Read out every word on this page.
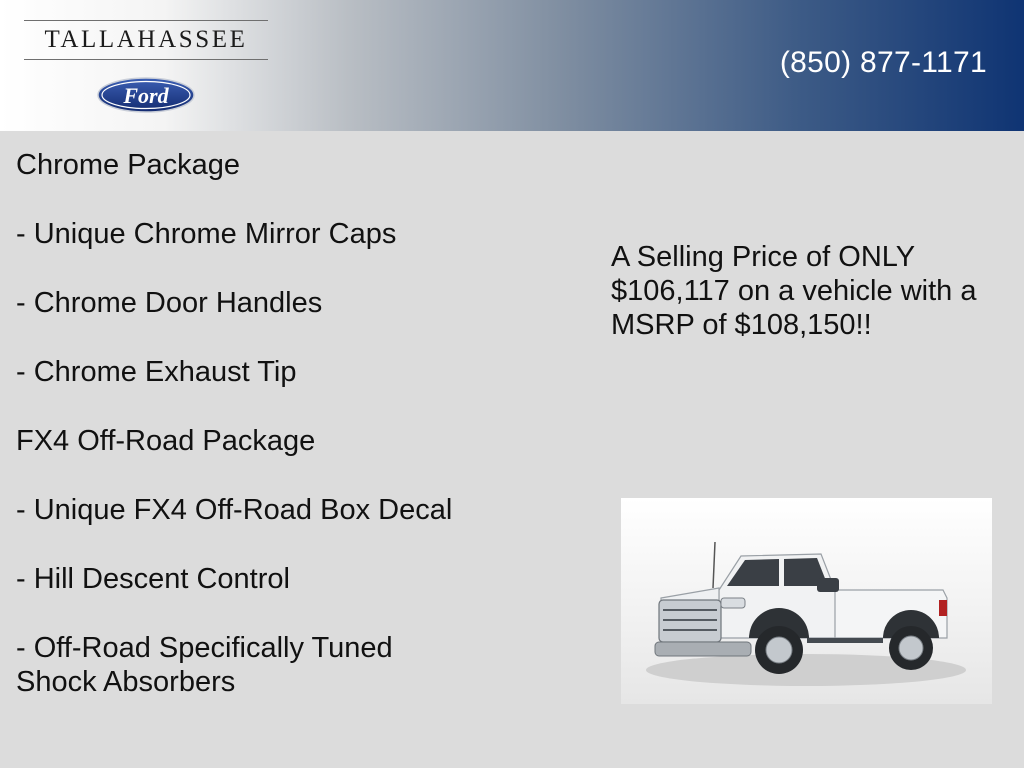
TALLAHASSEE
Ford
(850) 877-1171
Chrome Package
- Unique Chrome Mirror Caps
- Chrome Door Handles
- Chrome Exhaust Tip
FX4 Off-Road Package
- Unique FX4 Off-Road Box Decal
- Hill Descent Control
- Off-Road Specifically Tuned Shock Absorbers
A Selling Price of ONLY $106,117 on a vehicle with a MSRP of $108,150!!
